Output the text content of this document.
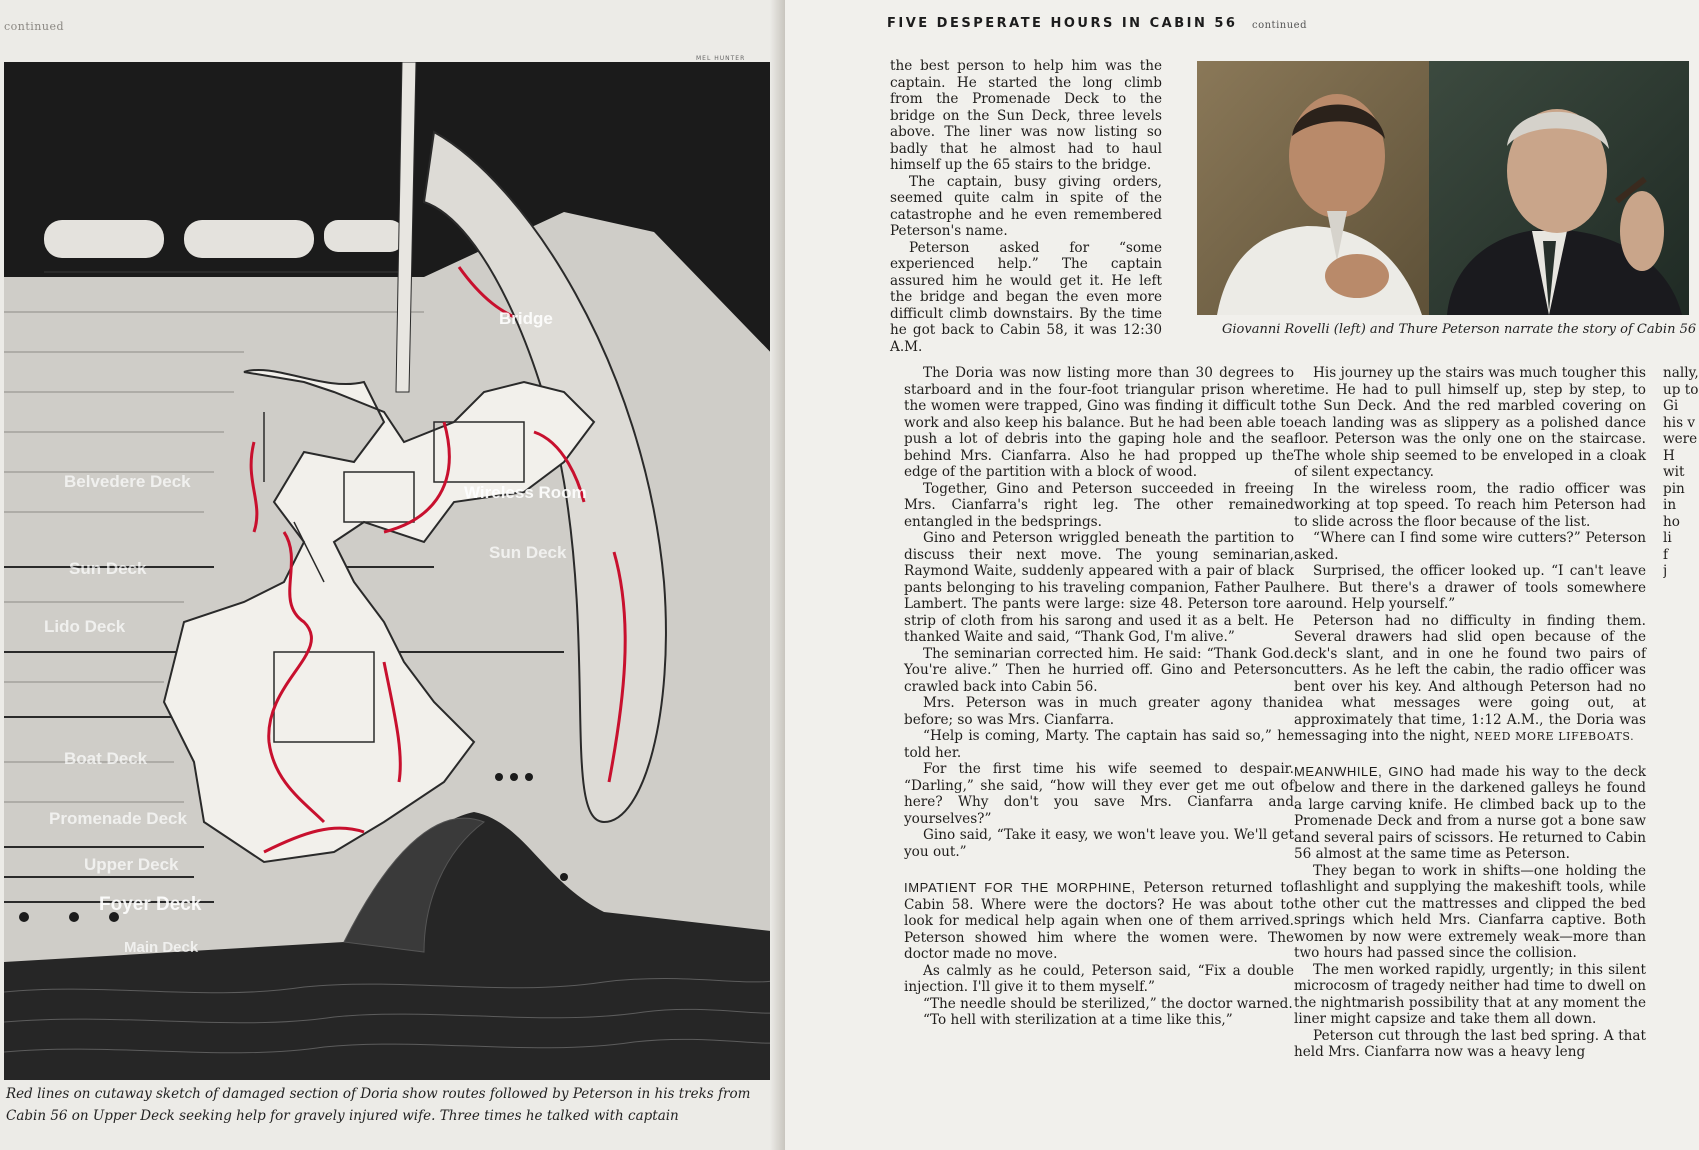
continued
MEL HUNTER
Bridge
Wireless Room
Sun Deck
Belvedere Deck
Sun Deck
Lido Deck
Boat Deck
Promenade Deck
Upper Deck
Foyer Deck
Main Deck
Red lines on cutaway sketch of damaged section of Doria show routes followed by Peterson in his treks from Cabin 56 on Upper Deck seeking help for gravely injured wife. Three times he talked with captain
FIVE DESPERATE HOURS IN CABIN 56 continued
Giovanni Rovelli (left) and Thure Peterson narrate the story of Cabin 56

the best person to help him was the captain. He started the long climb from the Promenade Deck to the bridge on the Sun Deck, three levels above. The liner was now listing so badly that he almost had to haul himself up the 65 stairs to the bridge.

The captain, busy giving orders, seemed quite calm in spite of the catastrophe and he even remembered Peterson's name.

Peterson asked for “some experienced help.” The captain assured him he would get it. He left the bridge and began the even more difficult climb downstairs. By the time he got back to Cabin 58, it was 12:30 A.M.

The Doria was now listing more than 30 degrees to starboard and in the four-foot triangular prison where the women were trapped, Gino was finding it difficult to work and also keep his balance. But he had been able to push a lot of debris into the gaping hole and the sea behind Mrs. Cianfarra. Also he had propped up the edge of the partition with a block of wood.

Together, Gino and Peterson succeeded in freeing Mrs. Cianfarra's right leg. The other remained entangled in the bedsprings.

Gino and Peterson wriggled beneath the partition to discuss their next move. The young seminarian, Raymond Waite, suddenly appeared with a pair of black pants belonging to his traveling companion, Father Paul Lambert. The pants were large: size 48. Peterson tore a strip of cloth from his sarong and used it as a belt. He thanked Waite and said, “Thank God, I'm alive.”

The seminarian corrected him. He said: “Thank God. You're alive.” Then he hurried off. Gino and Peterson crawled back into Cabin 56.

Mrs. Peterson was in much greater agony than before; so was Mrs. Cianfarra.

“Help is coming, Marty. The captain has said so,” he told her.

For the first time his wife seemed to despair. “Darling,” she said, “how will they ever get me out of here? Why don't you save Mrs. Cianfarra and yourselves?”

Gino said, “Take it easy, we won't leave you. We'll get you out.”

IMPATIENT FOR THE MORPHINE, Peterson returned to Cabin 58. Where were the doctors? He was about to look for medical help again when one of them arrived. Peterson showed him where the women were. The doctor made no move.

As calmly as he could, Peterson said, “Fix a double injection. I'll give it to them myself.”

“The needle should be sterilized,” the doctor warned.

“To hell with sterilization at a time like this,”

His journey up the stairs was much tougher this time. He had to pull himself up, step by step, to the Sun Deck. And the red marbled covering on each landing was as slippery as a polished dance floor. Peterson was the only one on the staircase. The whole ship seemed to be enveloped in a cloak of silent expectancy.

In the wireless room, the radio officer was working at top speed. To reach him Peterson had to slide across the floor because of the list.

“Where can I find some wire cutters?” Peterson asked.

Surprised, the officer looked up. “I can't leave here. But there's a drawer of tools somewhere around. Help yourself.”

Peterson had no difficulty in finding them. Several drawers had slid open because of the deck's slant, and in one he found two pairs of cutters. As he left the cabin, the radio officer was bent over his key. And although Peterson had no idea what messages were going out, at approximately that time, 1:12 A.M., the Doria was messaging into the night, NEED MORE LIFEBOATS.

MEANWHILE, GINO had made his way to the deck below and there in the darkened galleys he found a large carving knife. He climbed back up to the Promenade Deck and from a nurse got a bone saw and several pairs of scissors. He returned to Cabin 56 almost at the same time as Peterson.

They began to work in shifts—one holding the flashlight and supplying the makeshift tools, while the other cut the mattresses and clipped the bed springs which held Mrs. Cianfarra captive. Both women by now were extremely weak—more than two hours had passed since the collision.

The men worked rapidly, urgently; in this silent microcosm of tragedy neither had time to dwell on the nightmarish possibility that at any moment the liner might capsize and take them all down.

Peterson cut through the last bed spring. A that held Mrs. Cianfarra now was a heavy leng

nally,
up to
Gi
his v
were
H
wit
pin
in
ho
li
f
j
